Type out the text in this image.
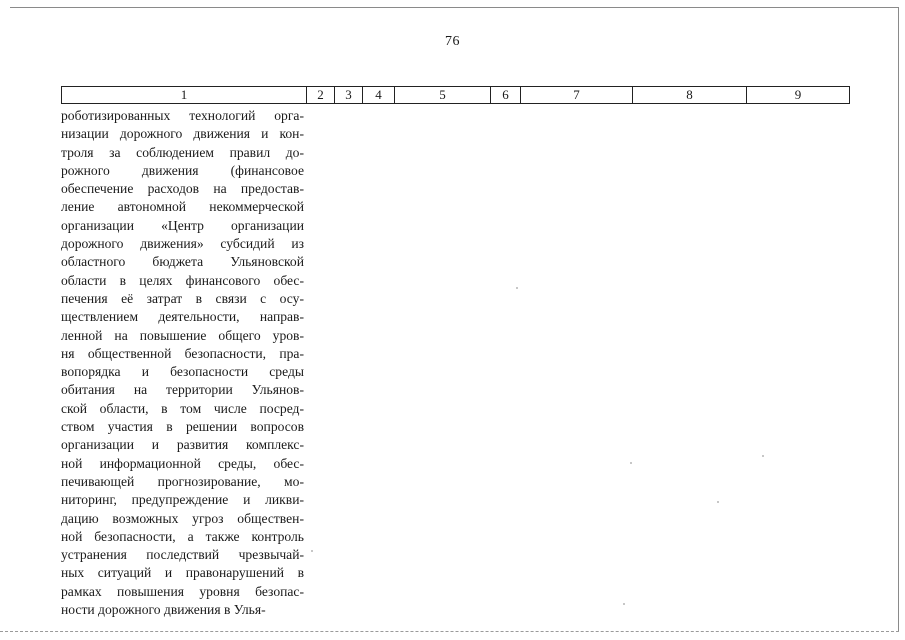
76
1	2	3	4	5	6	7	8	9
роботизированных технологий орга-
низации дорожного движения и кон-
троля за соблюдением правил до-
рожного движения (финансовое
обеспечение расходов на предостав-
ление автономной некоммерческой
организации «Центр организации
дорожного движения» субсидий из
областного бюджета Ульяновской
области в целях финансового обес-
печения её затрат в связи с осу-
ществлением деятельности, направ-
ленной на повышение общего уров-
ня общественной безопасности, пра-
вопорядка и безопасности среды
обитания на территории Ульянов-
ской области, в том числе посред-
ством участия в решении вопросов
организации и развития комплекс-
ной информационной среды, обес-
печивающей прогнозирование, мо-
ниторинг, предупреждение и ликви-
дацию возможных угроз обществен-
ной безопасности, а также контроль
устранения последствий чрезвычай-
ных ситуаций и правонарушений в
рамках повышения уровня безопас-
ности дорожного движения в Улья-
